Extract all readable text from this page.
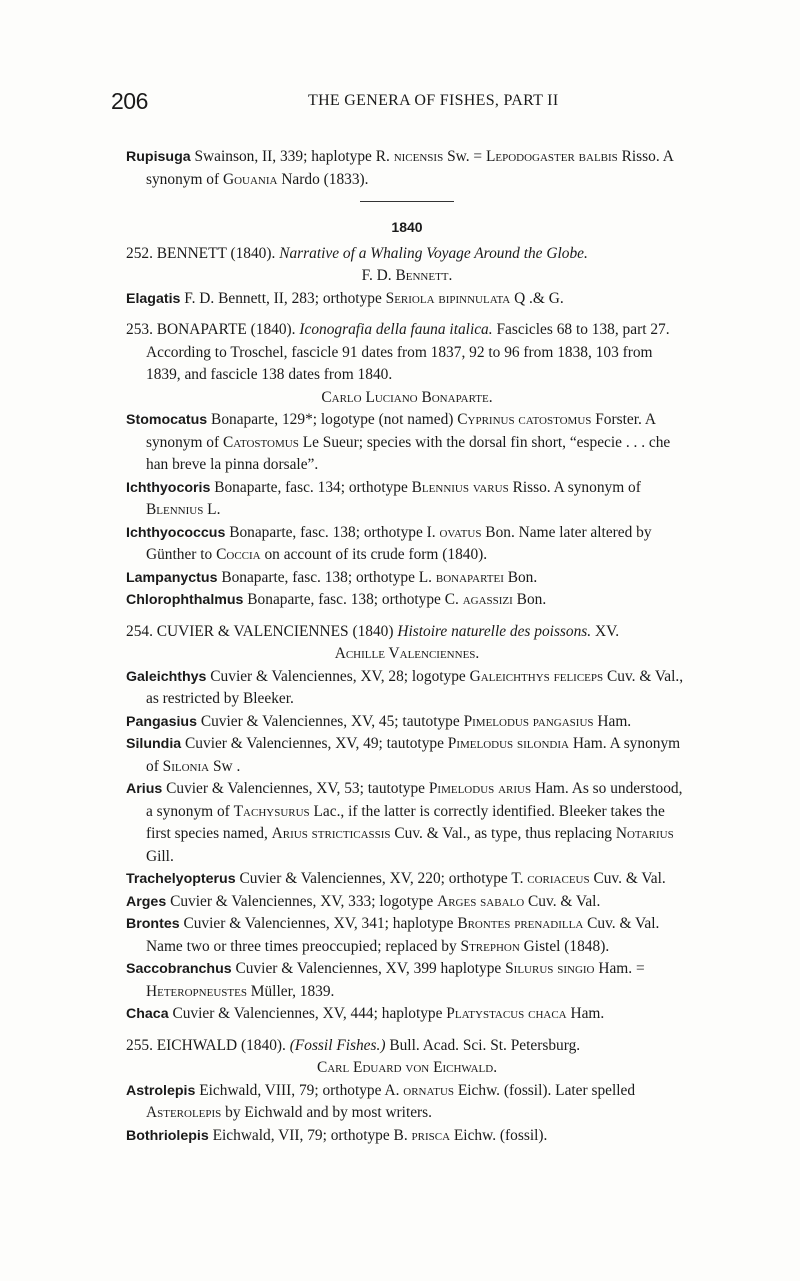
206	THE GENERA OF FISHES, PART II

Rupisuga Swainson, II, 339; haplotype R. nicensis Sw. = Lepodogaster balbis Risso. A synonym of Gouania Nardo (1833).

1840

252. BENNETT (1840). Narrative of a Whaling Voyage Around the Globe.

F. D. Bennett.

Elagatis F. D. Bennett, II, 283; orthotype Seriola bipinnulata Q .& G.

253. BONAPARTE (1840). Iconografia della fauna italica. Fascicles 68 to 138, part 27. According to Troschel, fascicle 91 dates from 1837, 92 to 96 from 1838, 103 from 1839, and fascicle 138 dates from 1840.

Carlo Luciano Bonaparte.

Stomocatus Bonaparte, 129*; logotype (not named) Cyprinus catostomus Forster. A synonym of Catostomus Le Sueur; species with the dorsal fin short, “especie . . . che han breve la pinna dorsale”.

Ichthyocoris Bonaparte, fasc. 134; orthotype Blennius varus Risso. A synonym of Blennius L.

Ichthyococcus Bonaparte, fasc. 138; orthotype I. ovatus Bon. Name later altered by Günther to Coccia on account of its crude form (1840).

Lampanyctus Bonaparte, fasc. 138; orthotype L. bonapartei Bon.

Chlorophthalmus Bonaparte, fasc. 138; orthotype C. agassizi Bon.

254. CUVIER & VALENCIENNES (1840) Histoire naturelle des poissons. XV.

Achille Valenciennes.

Galeichthys Cuvier & Valenciennes, XV, 28; logotype Galeichthys feliceps Cuv. & Val., as restricted by Bleeker.

Pangasius Cuvier & Valenciennes, XV, 45; tautotype Pimelodus pangasius Ham.

Silundia Cuvier & Valenciennes, XV, 49; tautotype Pimelodus silondia Ham. A synonym of Silonia Sw .

Arius Cuvier & Valenciennes, XV, 53; tautotype Pimelodus arius Ham. As so understood, a synonym of Tachysurus Lac., if the latter is correctly identified. Bleeker takes the first species named, Arius stricticassis Cuv. & Val., as type, thus replacing Notarius Gill.

Trachelyopterus Cuvier & Valenciennes, XV, 220; orthotype T. coriaceus Cuv. & Val.

Arges Cuvier & Valenciennes, XV, 333; logotype Arges sabalo Cuv. & Val.

Brontes Cuvier & Valenciennes, XV, 341; haplotype Brontes prenadilla Cuv. & Val. Name two or three times preoccupied; replaced by Strephon Gistel (1848).

Saccobranchus Cuvier & Valenciennes, XV, 399 haplotype Silurus singio Ham. = Heteropneustes Müller, 1839.

Chaca Cuvier & Valenciennes, XV, 444; haplotype Platystacus chaca Ham.

255. EICHWALD (1840). (Fossil Fishes.) Bull. Acad. Sci. St. Petersburg.

Carl Eduard von Eichwald.

Astrolepis Eichwald, VIII, 79; orthotype A. ornatus Eichw. (fossil). Later spelled Asterolepis by Eichwald and by most writers.

Bothriolepis Eichwald, VII, 79; orthotype B. prisca Eichw. (fossil).
